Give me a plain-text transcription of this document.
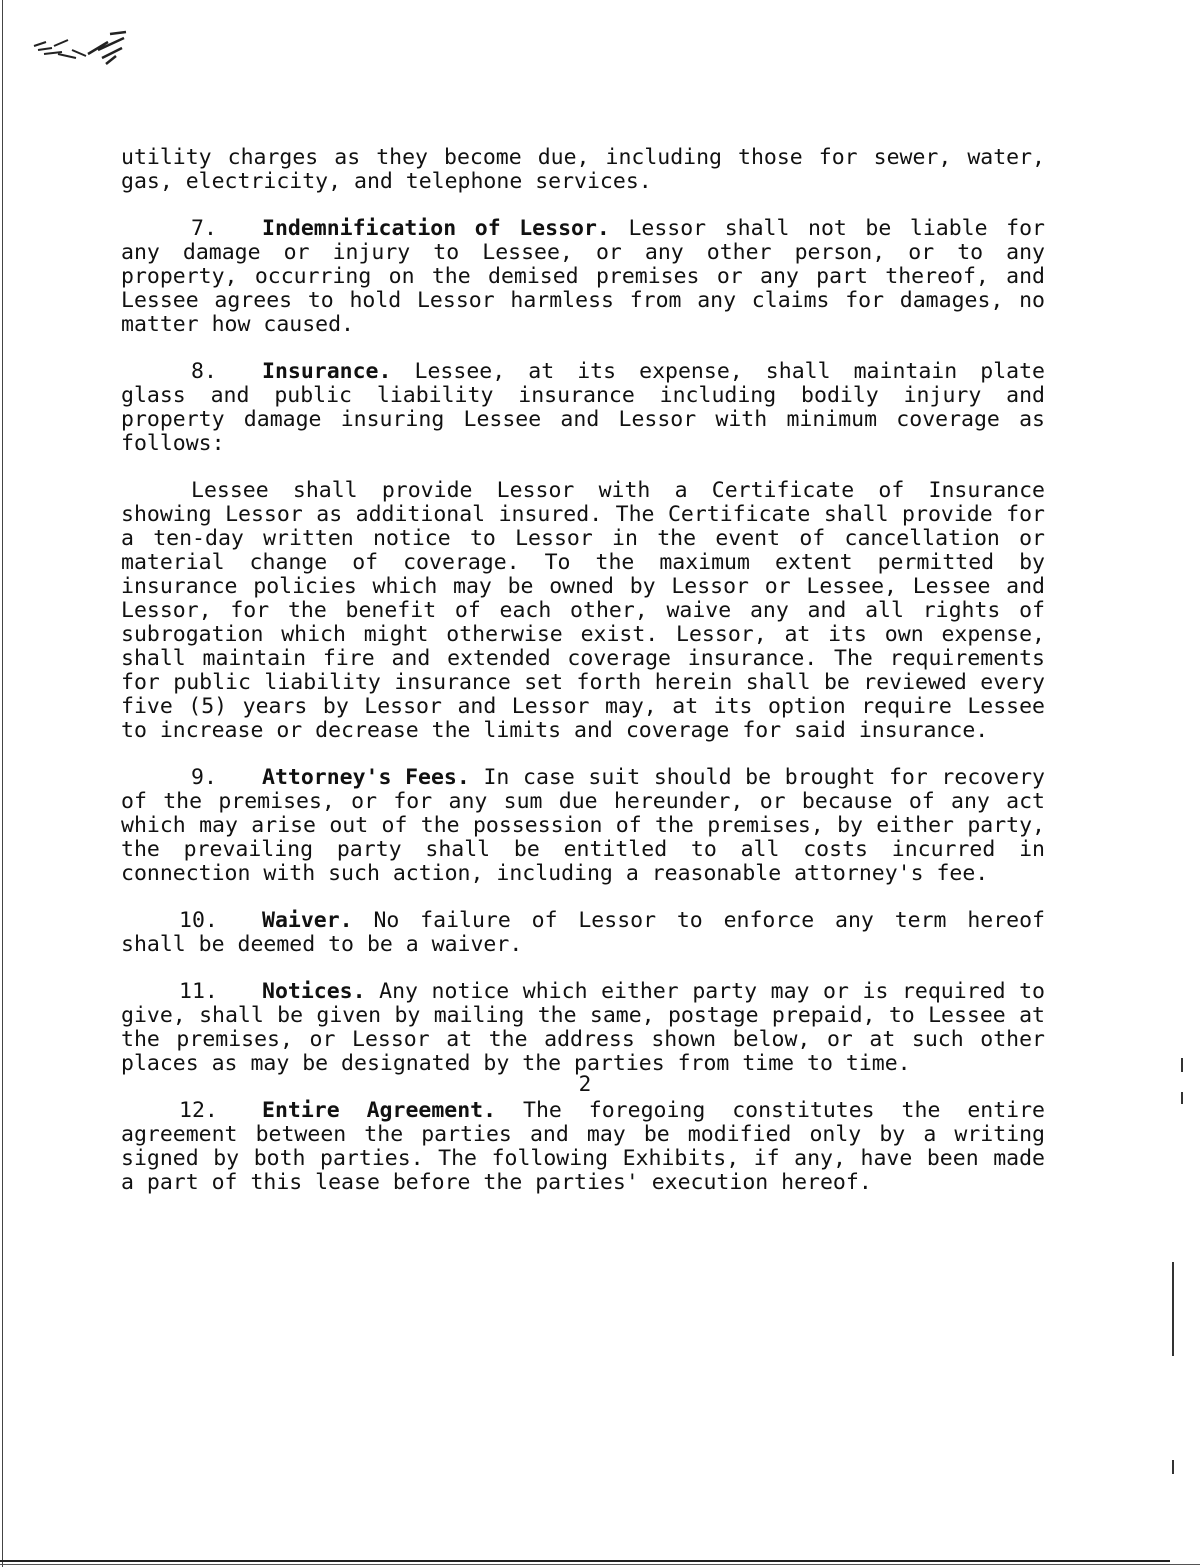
utility charges as they become due, including those for sewer, water, gas, electricity, and telephone services.

7. Indemnification of Lessor. Lessor shall not be liable for any damage or injury to Lessee, or any other person, or to any property, occurring on the demised premises or any part thereof, and Lessee agrees to hold Lessor harmless from any claims for damages, no matter how caused.

8. Insurance. Lessee, at its expense, shall maintain plate glass and public liability insurance including bodily injury and property damage insuring Lessee and Lessor with minimum coverage as follows:

Lessee shall provide Lessor with a Certificate of Insurance showing Lessor as additional insured. The Certificate shall provide for a ten-day written notice to Lessor in the event of cancellation or material change of coverage. To the maximum extent permitted by insurance policies which may be owned by Lessor or Lessee, Lessee and Lessor, for the benefit of each other, waive any and all rights of subrogation which might otherwise exist. Lessor, at its own expense, shall maintain fire and extended coverage insurance. The requirements for public liability insurance set forth herein shall be reviewed every five (5) years by Lessor and Lessor may, at its option require Lessee to increase or decrease the limits and coverage for said insurance.

9. Attorney's Fees. In case suit should be brought for recovery of the premises, or for any sum due hereunder, or because of any act which may arise out of the possession of the premises, by either party, the prevailing party shall be entitled to all costs incurred in connection with such action, including a reasonable attorney's fee.

10. Waiver. No failure of Lessor to enforce any term hereof shall be deemed to be a waiver.

11. Notices. Any notice which either party may or is required to give, shall be given by mailing the same, postage prepaid, to Lessee at the premises, or Lessor at the address shown below, or at such other places as may be designated by the parties from time to time.

12. Entire Agreement. The foregoing constitutes the entire agreement between the parties and may be modified only by a writing signed by both parties. The following Exhibits, if any, have been made a part of this lease before the parties' execution hereof.

2
